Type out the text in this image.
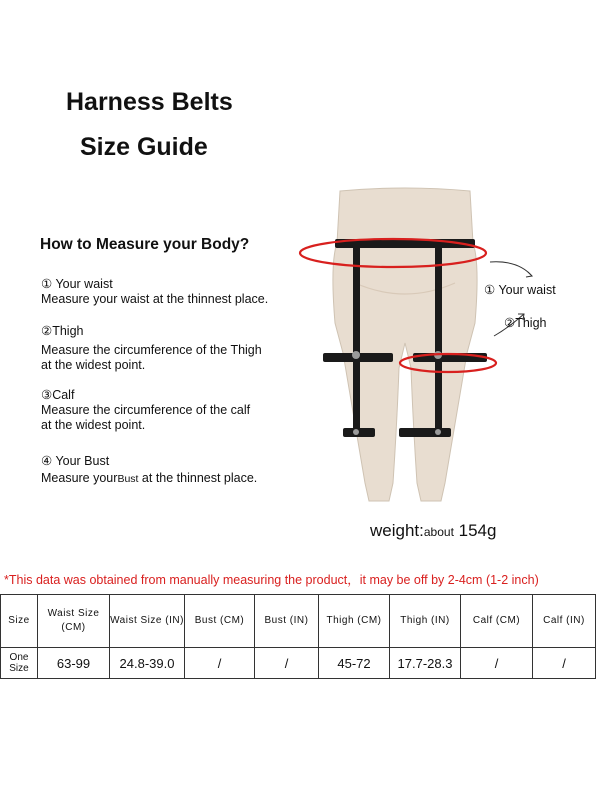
Harness Belts
Size Guide
How to Measure your Body?
① Your waist
Measure your waist at the thinnest place.
②Thigh
Measure the circumference of the Thigh
at the widest point.
③Calf
Measure the circumference of the calf
at the widest point.
④ Your Bust
Measure yourBust at the thinnest place.
① Your waist
②Thigh
weight:about 154g
*This data was obtained from manually measuring the product，it may be off by 2-4cm (1-2 inch)
Size	Waist Size (CM)	Waist Size (IN)	Bust (CM)	Bust (IN)	Thigh (CM)	Thigh (IN)	Calf (CM)	Calf (IN)
One Size	63-99	24.8-39.0	/	/	45-72	17.7-28.3	/	/
